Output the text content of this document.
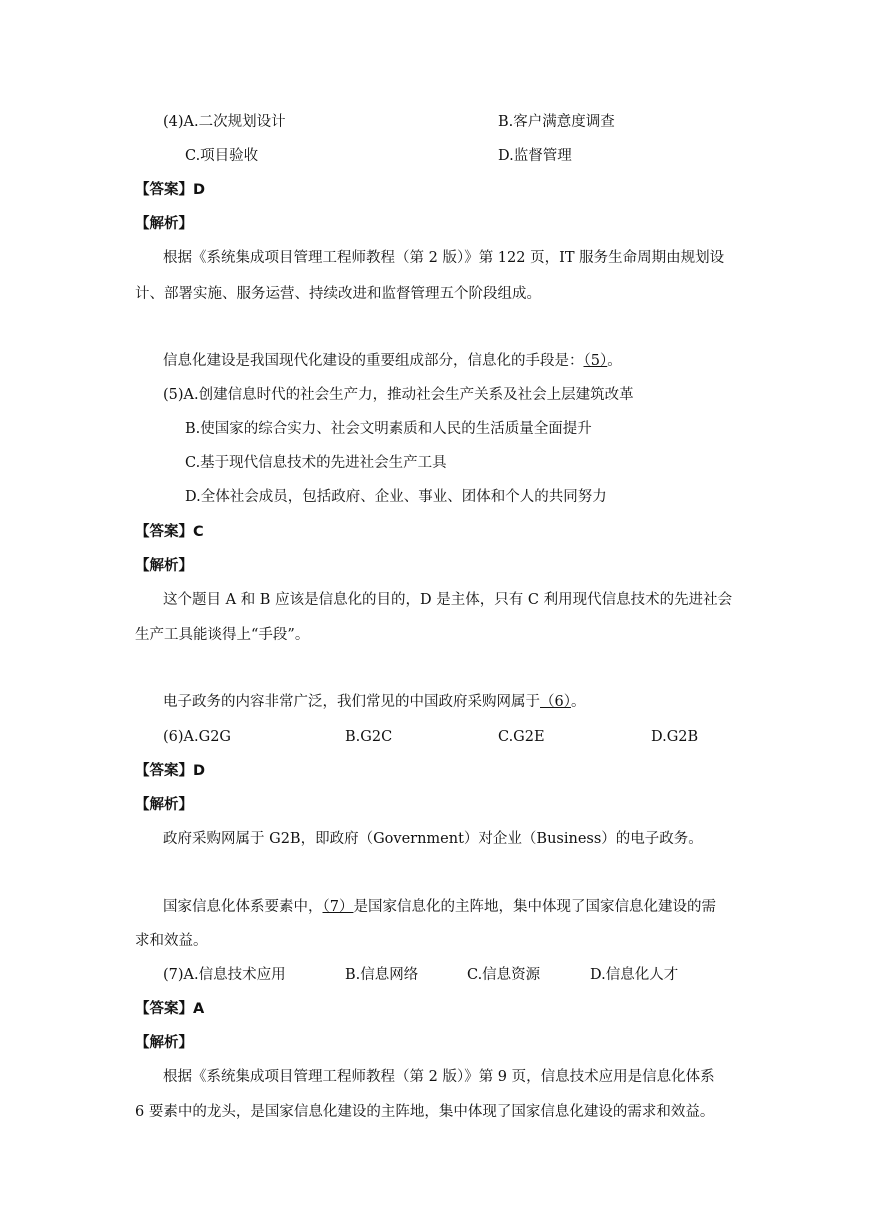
(4)A.二次规划设计	B.客户满意度调查
C.项目验收	D.监督管理
【答案】D
【解析】
根据《系统集成项目管理工程师教程（第 2 版）》第 122 页，IT 服务生命周期由规划设
计、部署实施、服务运营、持续改进和监督管理五个阶段组成。
信息化建设是我国现代化建设的重要组成部分，信息化的手段是：（5）。
(5)A.创建信息时代的社会生产力，推动社会生产关系及社会上层建筑改革
B.使国家的综合实力、社会文明素质和人民的生活质量全面提升
C.基于现代信息技术的先进社会生产工具
D.全体社会成员，包括政府、企业、事业、团体和个人的共同努力
【答案】C
【解析】
这个题目 A 和 B 应该是信息化的目的，D 是主体，只有 C 利用现代信息技术的先进社会
生产工具能谈得上“手段”。
电子政务的内容非常广泛，我们常见的中国政府采购网属于（6）。
(6)A.G2G	B.G2C	C.G2E	D.G2B
【答案】D
【解析】
政府采购网属于 G2B，即政府（Government）对企业（Business）的电子政务。
国家信息化体系要素中，（7）是国家信息化的主阵地，集中体现了国家信息化建设的需
求和效益。
(7)A.信息技术应用	B.信息网络	C.信息资源	D.信息化人才
【答案】A
【解析】
根据《系统集成项目管理工程师教程（第 2 版）》第 9 页，信息技术应用是信息化体系
6 要素中的龙头，是国家信息化建设的主阵地，集中体现了国家信息化建设的需求和效益。
